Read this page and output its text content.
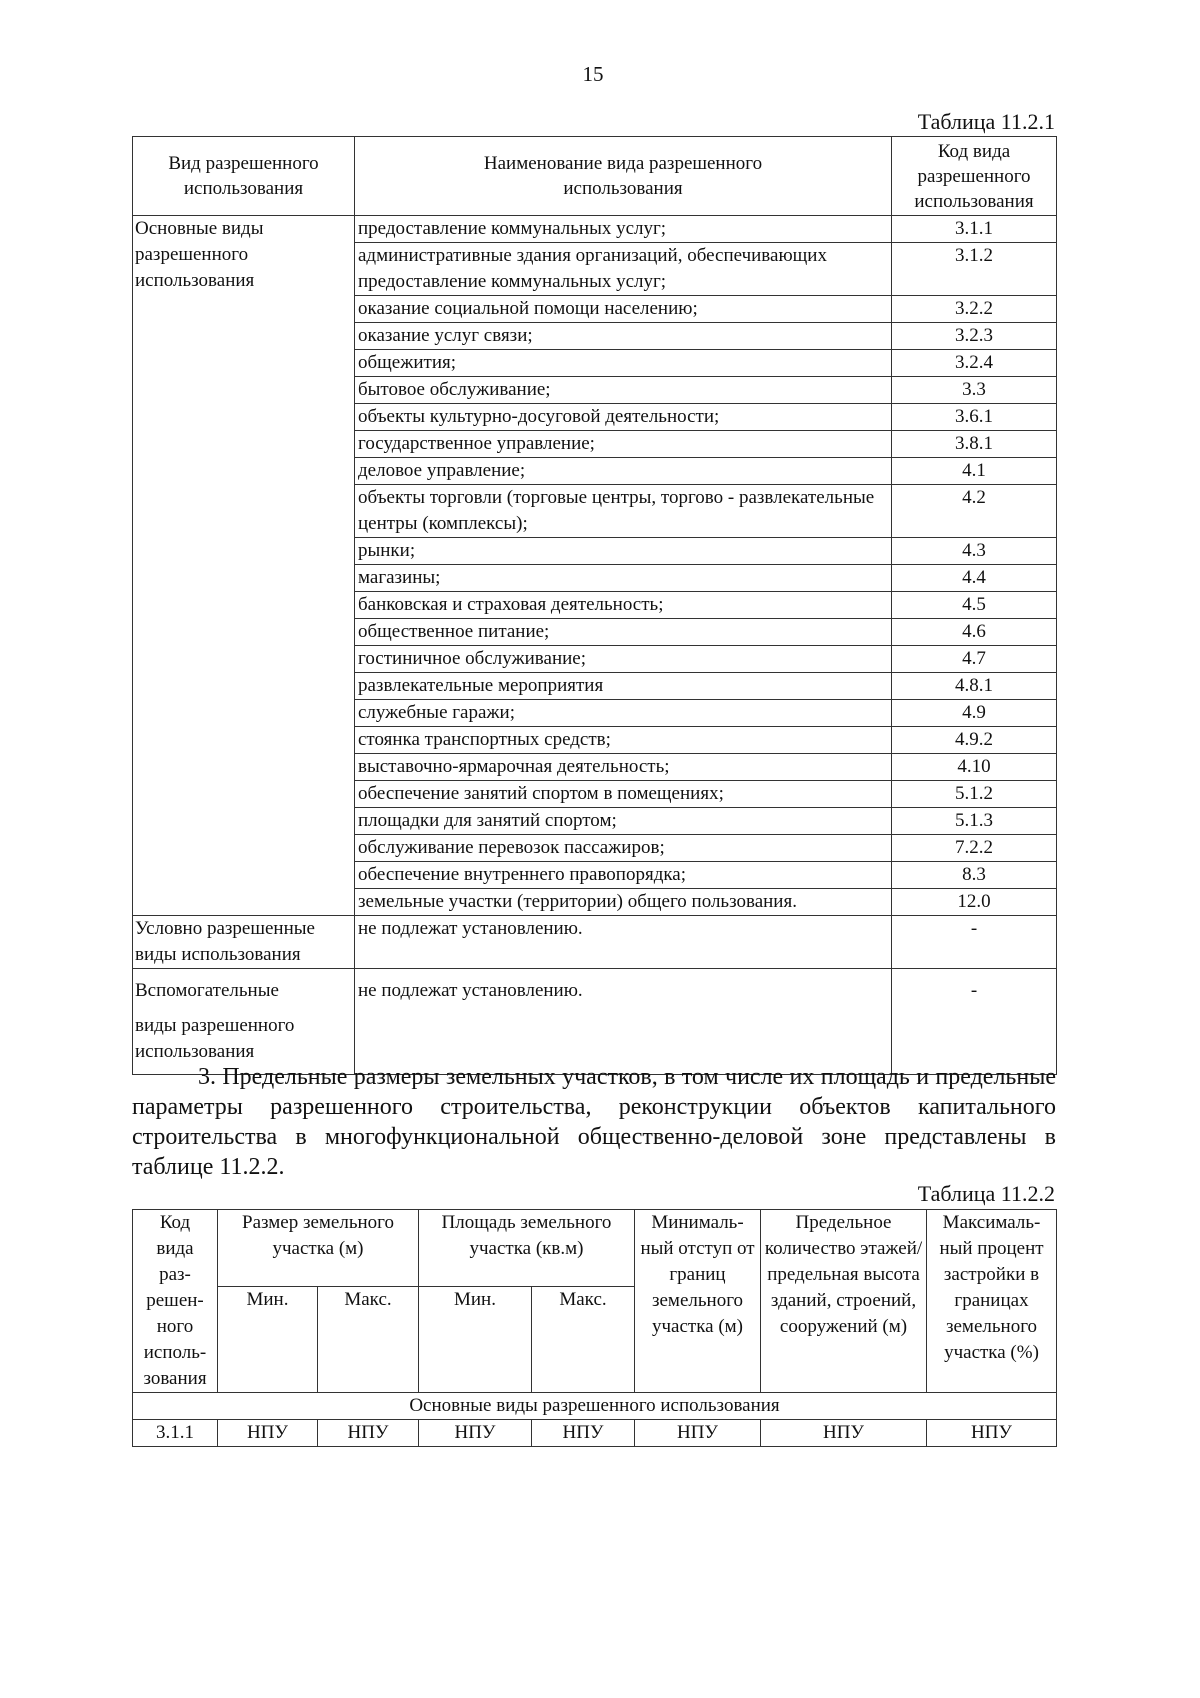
15
Таблица 11.2.1
Вид разрешенного использования	Наименование вида разрешенного использования	Код вида разрешенного использования

Основные виды разрешенного использования	предоставление коммунальных услуг;	3.1.1
	административные здания организаций, обеспечивающих предоставление коммунальных услуг;	3.1.2
	оказание социальной помощи населению;	3.2.2
	оказание услуг связи;	3.2.3
	общежития;	3.2.4
	бытовое обслуживание;	3.3
	объекты культурно-досуговой деятельности;	3.6.1
	государственное управление;	3.8.1
	деловое управление;	4.1
	объекты торговли (торговые центры, торгово - развлекательные центры (комплексы);	4.2
	рынки;	4.3
	магазины;	4.4
	банковская и страховая деятельность;	4.5
	общественное питание;	4.6
	гостиничное обслуживание;	4.7
	развлекательные мероприятия	4.8.1
	служебные гаражи;	4.9
	стоянка транспортных средств;	4.9.2
	выставочно-ярмарочная деятельность;	4.10
	обеспечение занятий спортом в помещениях;	5.1.2
	площадки для занятий спортом;	5.1.3
	обслуживание перевозок пассажиров;	7.2.2
	обеспечение внутреннего правопорядка;	8.3
	земельные участки (территории) общего пользования.	12.0
Условно разрешенные виды использования	не подлежат установлению.	-

Вспомогательные
виды разрешенного использования	не подлежат установлению.	-

3. Предельные размеры земельных участков, в том числе их площадь и предельные параметры разрешенного строительства, реконструкции объектов капитального строительства в многофункциональной общественно-деловой зоне представлены в таблице 11.2.2.

Таблица 11.2.2
Код вида раз-решен-ного исполь-зования	Размер земельного участка (м)		Площадь земельного участка (кв.м)		Минималь-ный отступ от границ земельного участка (м)	Предельное количество этажей/ предельная высота зданий, строений, сооружений (м)	Максималь-ный процент застройки в границах земельного участка (%)

	Мин.	Макс.	Мин.	Макс.			
Основные виды разрешенного использования							
3.1.1	НПУ	НПУ	НПУ	НПУ	НПУ	НПУ	НПУ
